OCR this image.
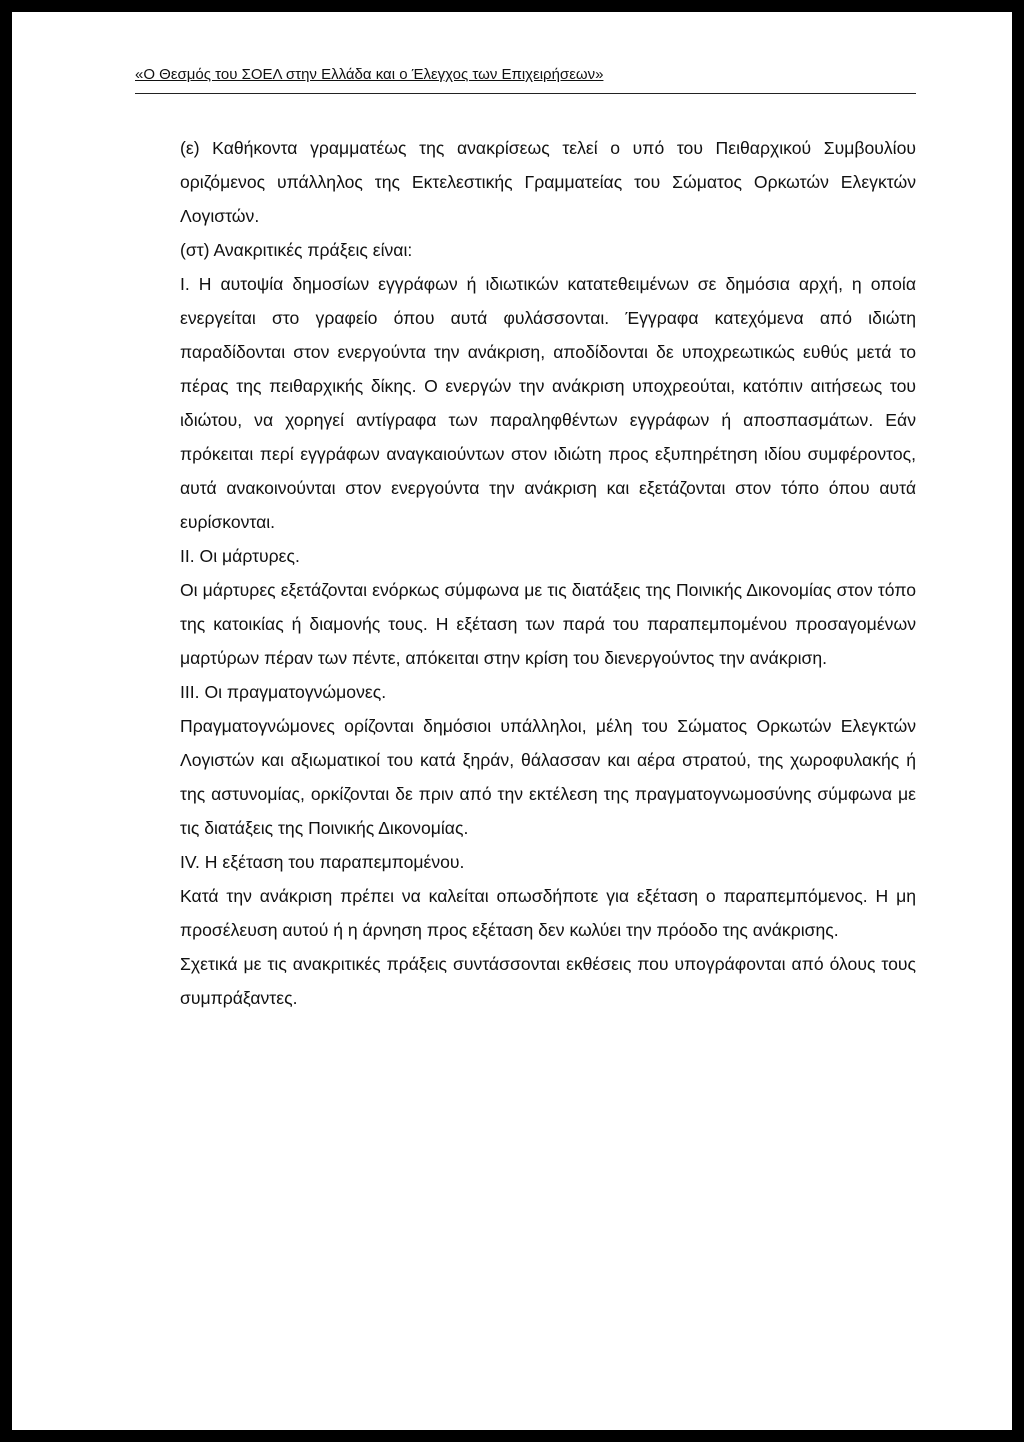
«Ο Θεσμός του ΣΟΕΛ στην Ελλάδα και ο Έλεγχος των Επιχειρήσεων»

(ε) Καθήκοντα γραμματέως της ανακρίσεως τελεί ο υπό του Πειθαρχικού Συμβουλίου οριζόμενος υπάλληλος της Εκτελεστικής Γραμματείας του Σώματος Ορκωτών Ελεγκτών Λογιστών.

(στ) Ανακριτικές πράξεις είναι:

Ι. Η αυτοψία δημοσίων εγγράφων ή ιδιωτικών κατατεθειμένων σε δημόσια αρχή, η οποία ενεργείται στο γραφείο όπου αυτά φυλάσσονται. Έγγραφα κατεχόμενα από ιδιώτη παραδίδονται στον ενεργούντα την ανάκριση, αποδίδονται δε υποχρεωτικώς ευθύς μετά το πέρας της πειθαρχικής δίκης. Ο ενεργών την ανάκριση υποχρεούται, κατόπιν αιτήσεως του ιδιώτου, να χορηγεί αντίγραφα των παραληφθέντων εγγράφων ή αποσπασμάτων. Εάν πρόκειται περί εγγράφων αναγκαιούντων στον ιδιώτη προς εξυπηρέτηση ιδίου συμφέροντος, αυτά ανακοινούνται στον ενεργούντα την ανάκριση και εξετάζονται στον τόπο όπου αυτά ευρίσκονται.

ΙΙ. Οι μάρτυρες.

Οι μάρτυρες εξετάζονται ενόρκως σύμφωνα με τις διατάξεις της Ποινικής Δικονομίας στον τόπο της κατοικίας ή διαμονής τους. Η εξέταση των παρά του παραπεμπομένου προσαγομένων μαρτύρων πέραν των πέντε, απόκειται στην κρίση του διενεργούντος την ανάκριση.

ΙΙΙ. Οι πραγματογνώμονες.

Πραγματογνώμονες ορίζονται δημόσιοι υπάλληλοι, μέλη του Σώματος Ορκωτών Ελεγκτών Λογιστών και αξιωματικοί του κατά ξηράν, θάλασσαν και αέρα στρατού, της χωροφυλακής ή της αστυνομίας, ορκίζονται δε πριν από την εκτέλεση της πραγματογνωμοσύνης σύμφωνα με τις διατάξεις της Ποινικής Δικονομίας.

ΙV. Η εξέταση του παραπεμπομένου.

Κατά την ανάκριση πρέπει να καλείται οπωσδήποτε για εξέταση ο παραπεμπόμενος. Η μη προσέλευση αυτού ή η άρνηση προς εξέταση δεν κωλύει την πρόοδο της ανάκρισης.

Σχετικά με τις ανακριτικές πράξεις συντάσσονται εκθέσεις που υπογράφονται από όλους τους συμπράξαντες.
